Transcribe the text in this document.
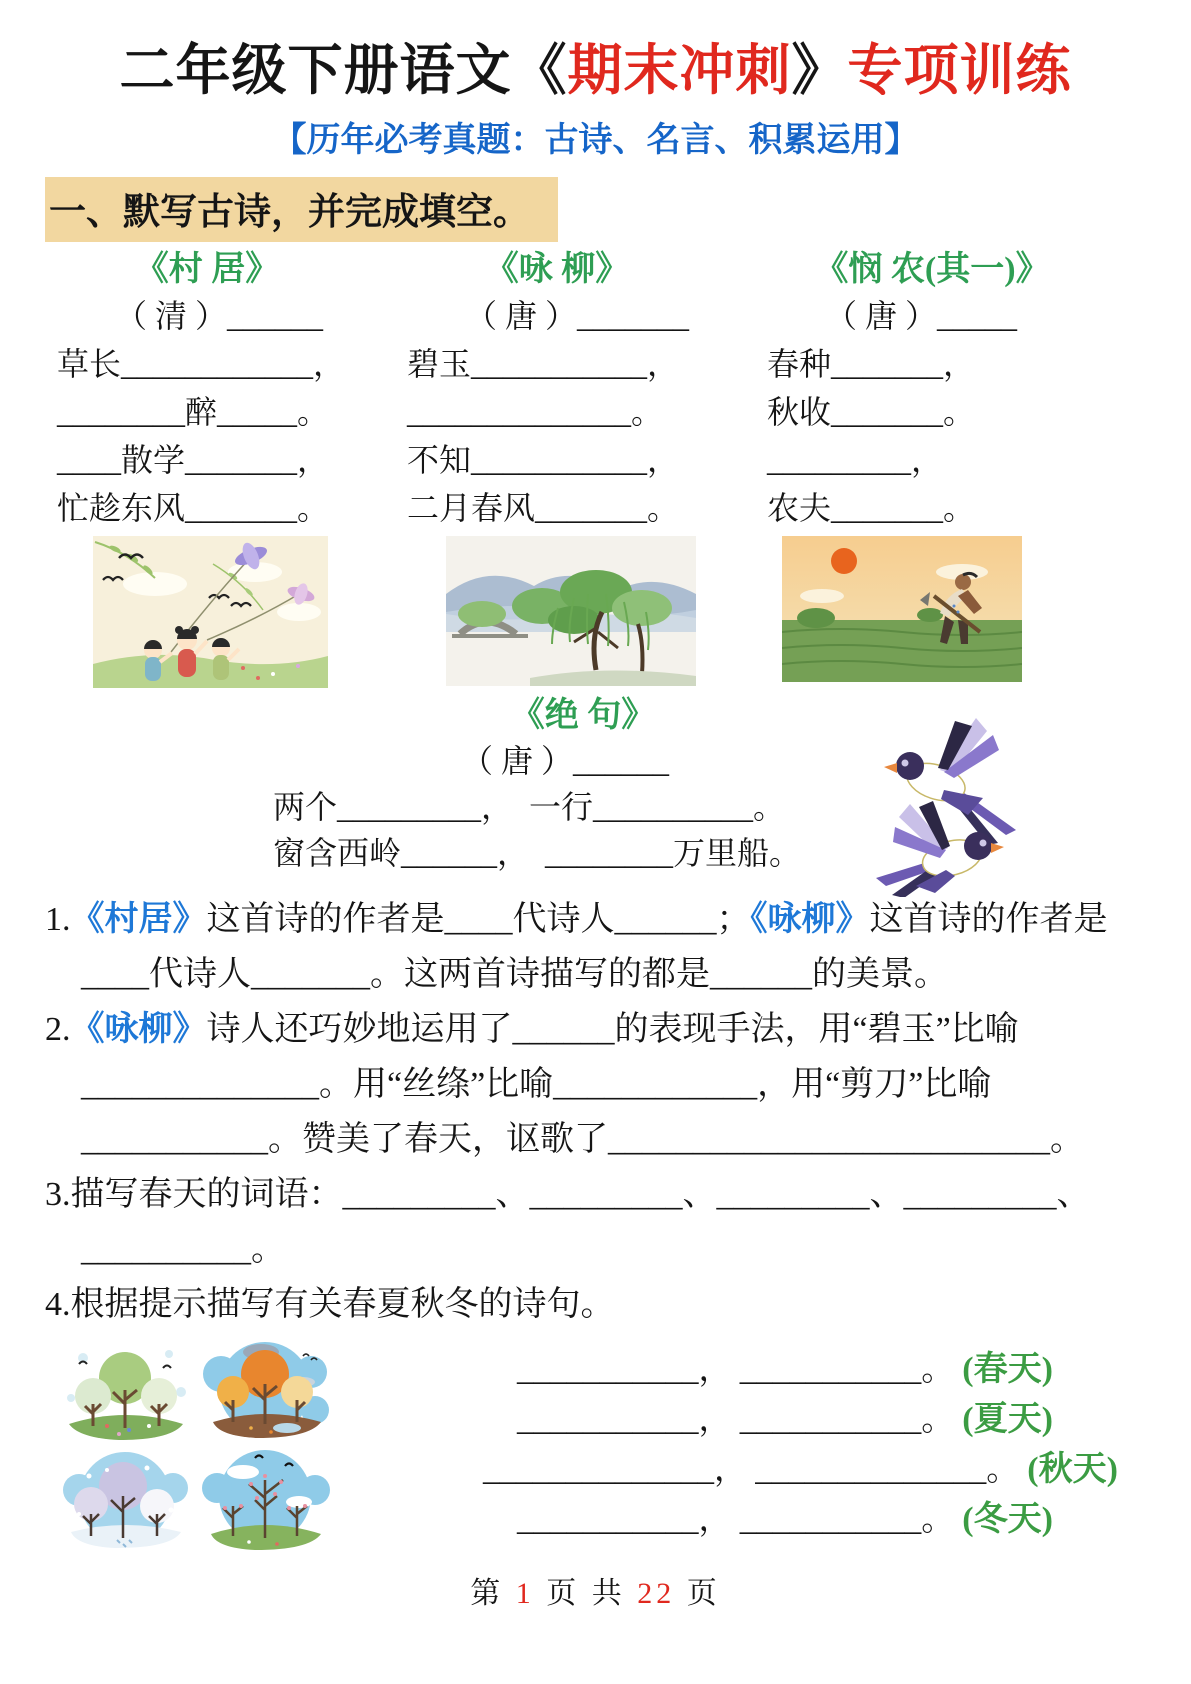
二年级下册语文《期末冲刺》专项训练
【历年必考真题：古诗、名言、积累运用】
一、默写古诗，并完成填空。
《村 居》
（ 清 ）______
草长____________，
________醉_____。
____散学_______，
忙趁东风_______。
《咏 柳》
（ 唐 ）_______
碧玉___________，
______________。
不知___________，
二月春风_______。
《悯 农(其一)》
（ 唐 ）_____
春种_______，
秋收_______。
_________，
农夫_______。
《绝 句》
（ 唐 ）______
两个_________，  一行__________。
窗含西岭______，  ________万里船。

1.《村居》这首诗的作者是____代诗人______；《咏柳》这首诗的作者是____代诗人_______。这两首诗描写的都是______的美景。

2.《咏柳》诗人还巧妙地运用了______的表现手法，用“碧玉”比喻______________。用“丝绦”比喻____________，用“剪刀”比喻___________。赞美了春天，讴歌了__________________________。

3.描写春天的词语：_________、_________、_________、_________、__________。

4.根据提示描写有关春夏秋冬的诗句。

___________， ___________。 (春天)
___________， ___________。 (夏天)
______________， ______________。 (秋天)
___________， ___________。 (冬天)
第 1 页 共 22 页
